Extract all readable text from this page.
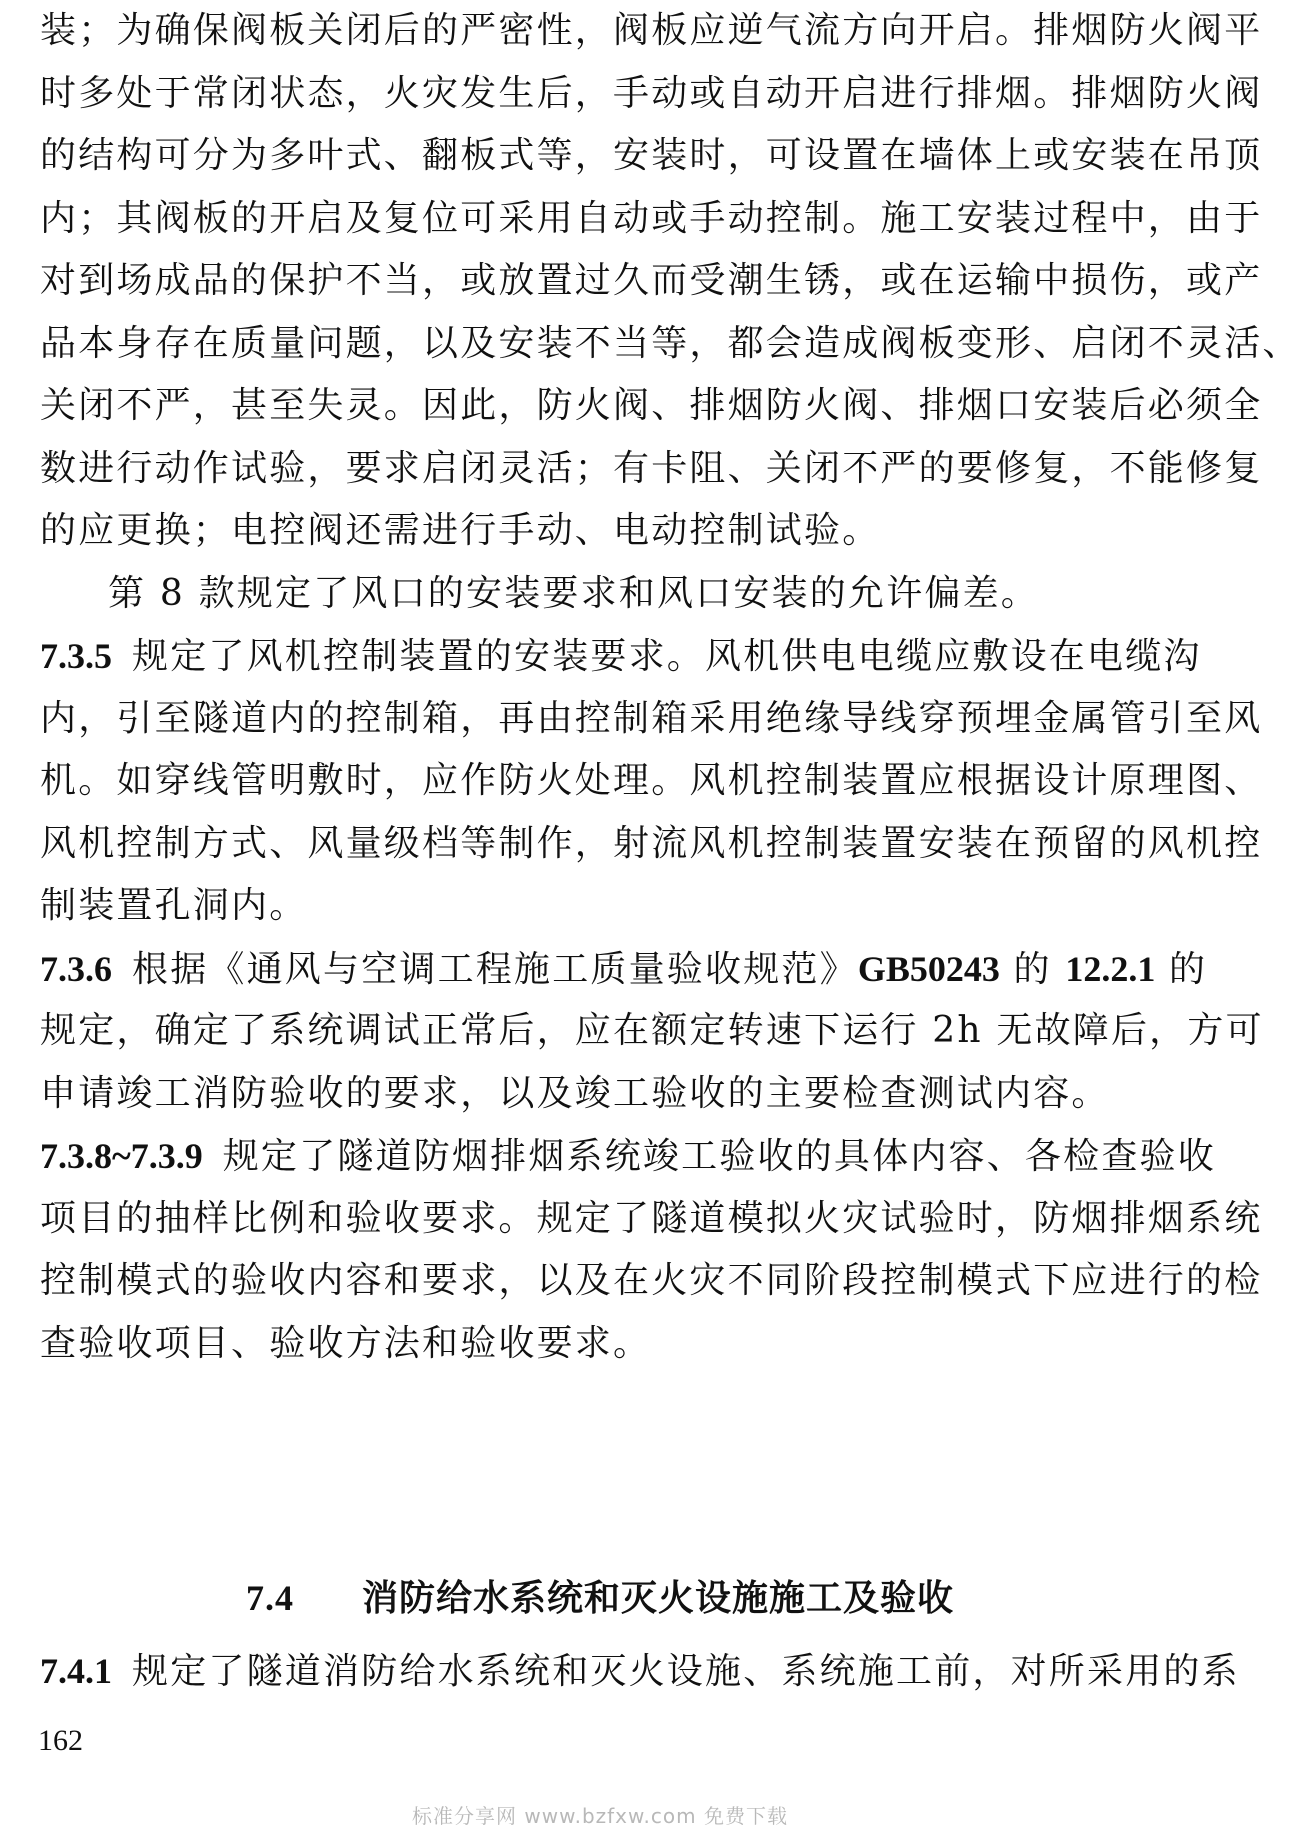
装；为确保阀板关闭后的严密性，阀板应逆气流方向开启。排烟防火阀平
时多处于常闭状态，火灾发生后，手动或自动开启进行排烟。排烟防火阀
的结构可分为多叶式、翻板式等，安装时，可设置在墙体上或安装在吊顶
内；其阀板的开启及复位可采用自动或手动控制。施工安装过程中，由于
对到场成品的保护不当，或放置过久而受潮生锈，或在运输中损伤，或产
品本身存在质量问题，以及安装不当等，都会造成阀板变形、启闭不灵活、
关闭不严，甚至失灵。因此，防火阀、排烟防火阀、排烟口安装后必须全
数进行动作试验，要求启闭灵活；有卡阻、关闭不严的要修复，不能修复
的应更换；电控阀还需进行手动、电动控制试验。
第 8 款规定了风口的安装要求和风口安装的允许偏差。
7.3.5 规定了风机控制装置的安装要求。风机供电电缆应敷设在电缆沟
内，引至隧道内的控制箱，再由控制箱采用绝缘导线穿预埋金属管引至风
机。如穿线管明敷时，应作防火处理。风机控制装置应根据设计原理图、
风机控制方式、风量级档等制作，射流风机控制装置安装在预留的风机控
制装置孔洞内。
7.3.6 根据《通风与空调工程施工质量验收规范》GB50243 的 12.2.1 的
规定，确定了系统调试正常后，应在额定转速下运行 2h 无故障后，方可
申请竣工消防验收的要求，以及竣工验收的主要检查测试内容。
7.3.8~7.3.9 规定了隧道防烟排烟系统竣工验收的具体内容、各检查验收
项目的抽样比例和验收要求。规定了隧道模拟火灾试验时，防烟排烟系统
控制模式的验收内容和要求，以及在火灾不同阶段控制模式下应进行的检
查验收项目、验收方法和验收要求。
7.4 消防给水系统和灭火设施施工及验收
7.4.1 规定了隧道消防给水系统和灭火设施、系统施工前，对所采用的系
162
标准分享网 www.bzfxw.com 免费下载
